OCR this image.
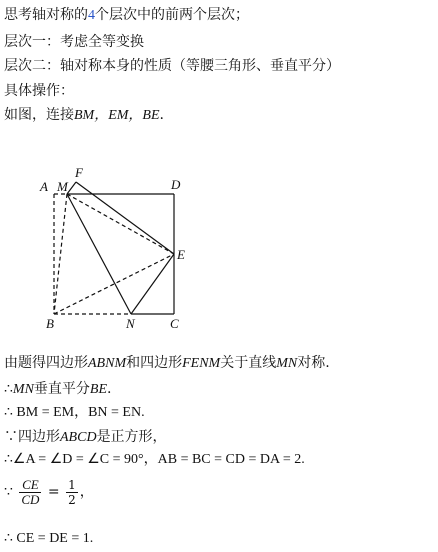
思考轴对称的4个层次中的前两个层次；
层次一：考虑全等变换
层次二：轴对称本身的性质（等腰三角形、垂直平分）
具体操作：
如图，连接BM，EM，BE.
A M
F
D
E
B	N	C
由题得四边形ABNM和四边形FENM关于直线MN对称.
∴MN垂直平分BE.
∴ BM = EM，BN = EN.
∵四边形ABCD是正方形，
∴∠A = ∠D = ∠C = 90°，AB = BC = CD = DA = 2.
∵ $\frac{CE}{CD} = \frac{1}{2}$ ，
∴ CE = DE = 1.
